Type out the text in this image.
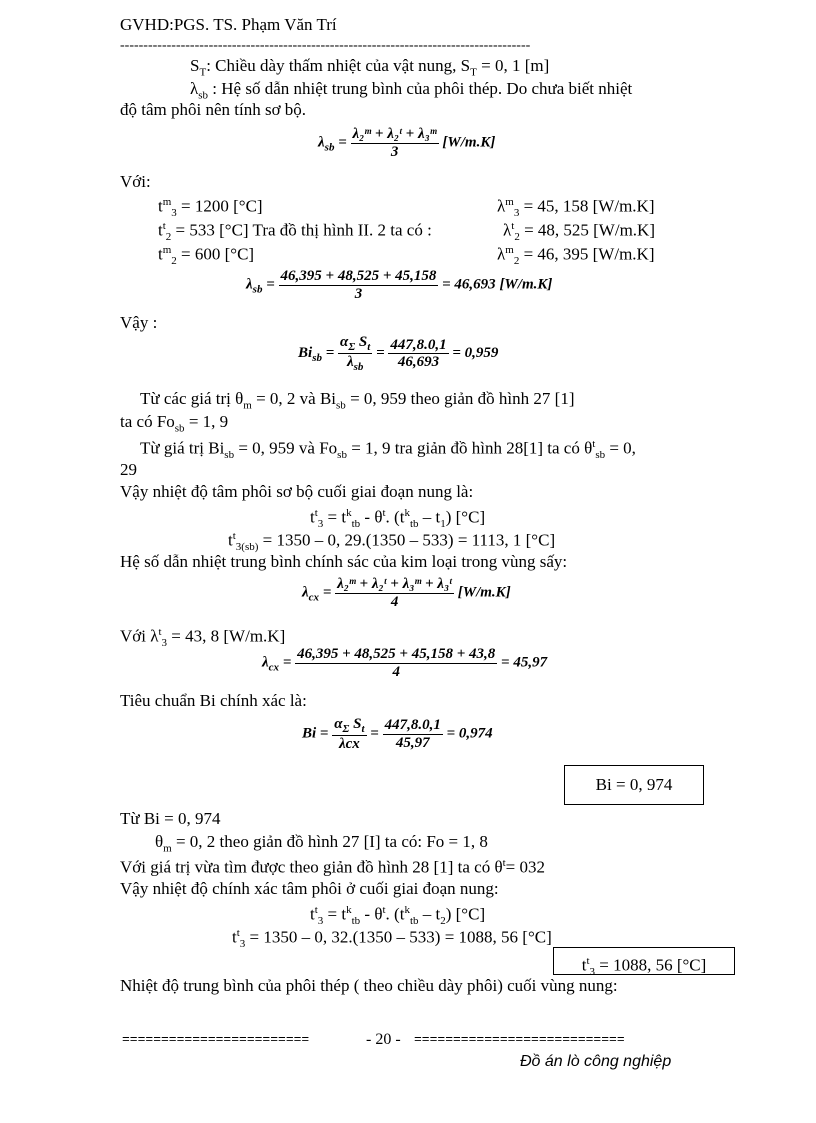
GVHD:PGS. TS. Phạm Văn Trí
----------------------------------------------------------------------------------------
$S_T$: Chiều dày thấm nhiệt của vật nung, $S_T = 0$, 1 [m]
$\lambda_{sb}$ : Hệ số dẫn nhiệt trung bình của phôi thép. Do chưa biết nhiệt
độ tâm phôi nên tính sơ bộ.
$\lambda_{sb} = \frac{\text{λ₂ᵐ + λ₂ᵗ + λ₃ᵐ}}{3} [W/m.K]$
Với:
$t^m_3 = 1200$ [°C]	$\lambda^m_3 = 45$, 158 [W/m.K]
$t^t_2 = 533$ [°C] Tra đồ thị hình II. 2 ta có :	$\lambda^t_2 = 48$, 525 [W/m.K]
$t^m_2 = 600$ [°C]	$\lambda^m_2 = 46$, 395 [W/m.K]
$\lambda_{sb} = \frac{46,395 + 48,525 + 45,158}{3} = 46,693$ [W/m.K]
Vậy :
$Bi_{sb} = \frac{\alpha_\Sigma S_t}{\lambda_{sb}} = \frac{447,8.0,1}{46,693} = 0,959$
Từ các giá trị $\theta_m = 0$, 2 và $Bi_{sb} = 0$, 959 theo giản đồ hình 27 [1]
ta có $Fo_{sb} = 1$, 9
Từ giá trị $Bi_{sb} = 0$, 959 và $Fo_{sb} = 1$, 9 tra giản đồ hình 28[1] ta có $\theta^t_{sb} = 0$,
29
Vậy nhiệt độ tâm phôi sơ bộ cuối giai đoạn nung là:
$t^t_3 = t^k_{tb} - \theta^t$. $(t^k_{tb} - t_1)$ [°C]
$t^t_{3(sb)} = 1350 - 0$, 29.(1350 – 533) = 1113, 1 [°C]
Hệ số dẫn nhiệt trung bình chính sác của kim loại trong vùng sấy:
$\lambda_{cx} = \frac{\text{λ₂ᵐ + λ₂ᵗ + λ₃ᵐ + λ₃ᵗ}}{4} [W/m.K]$
Với $\lambda^t_3 = 43$, 8 [W/m.K]
$\lambda_{cx} = \frac{46,395 + 48,525 + 45,158 + 43,8}{4} = 45,97$
Tiêu chuẩn Bi chính xác là:
$Bi = \frac{\alpha_\Sigma S_t}{\text{λcx}} = \frac{447,8.0,1}{45,97} = 0,974$
Bi = 0, 974
Từ Bi = 0, 974
$\theta_m = 0$, 2 theo giản đồ hình 27 [I] ta có: Fo = 1, 8
Với giá trị vừa tìm được theo giản đồ hình 28 [1] ta có $\theta^t= 032$
Vậy nhiệt độ chính xác tâm phôi ở cuối giai đoạn nung:
$t^t_3 = t^k_{tb} - \theta^t$. $(t^k_{tb} - t_2)$ [°C]
$t^t_3 = 1350 - 0$, 32.(1350 – 533) = 1088, 56 [°C]
$t^t_3 = 1088$, 56 [°C]
Nhiệt độ trung bình của phôi thép ( theo chiều dày phôi) cuối vùng nung:
========================	- 20 - ===========================
Đồ án lò công nghiệp
